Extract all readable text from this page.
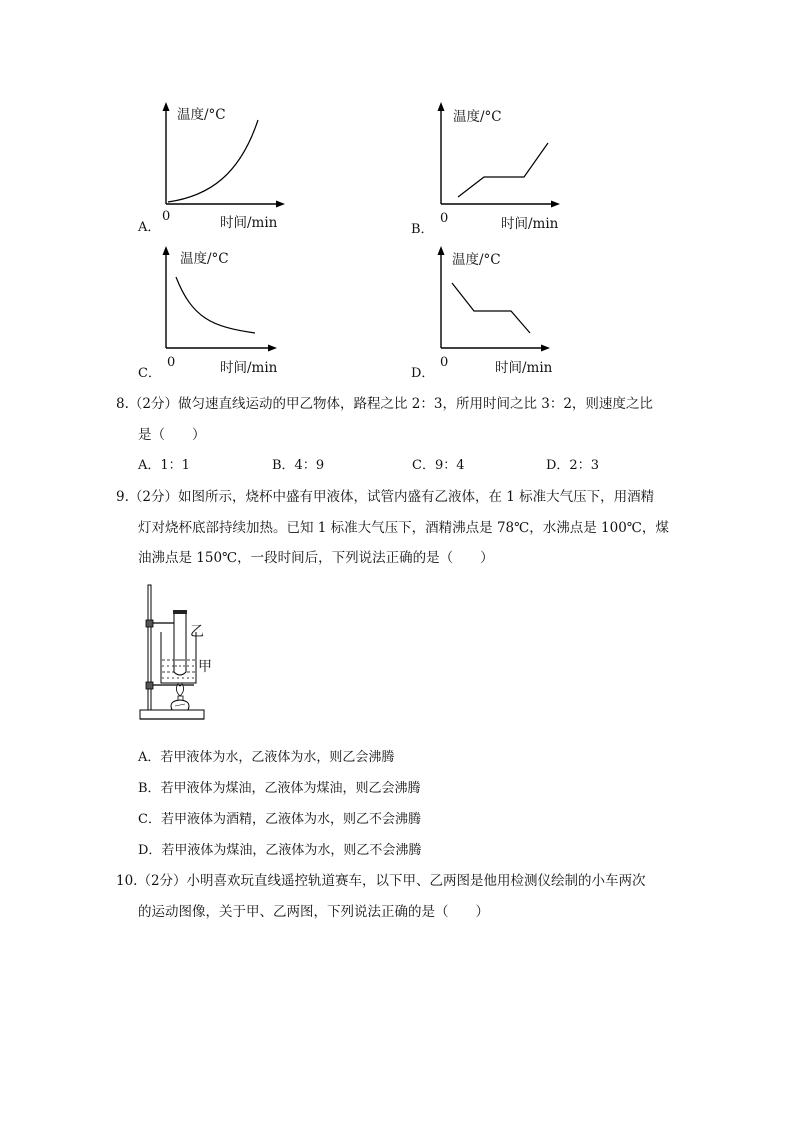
温度/°C
0	时间/min
A．
温度/°C
0	时间/min
B．
温度/°C
0	时间/min
C．
温度/°C
0	时间/min
D．
8.（2分）做匀速直线运动的甲乙物体，路程之比 2：3，所用时间之比 3：2，则速度之比
是（　　）
A．1：1	B．4：9	C．9：4	D．2：3
9.（2分）如图所示，烧杯中盛有甲液体，试管内盛有乙液体，在 1 标准大气压下，用酒精
灯对烧杯底部持续加热。已知 1 标准大气压下，酒精沸点是 78℃，水沸点是 100℃，煤
油沸点是 150℃，一段时间后，下列说法正确的是（　　）
乙
甲
A．若甲液体为水，乙液体为水，则乙会沸腾
B．若甲液体为煤油，乙液体为煤油，则乙会沸腾
C．若甲液体为酒精，乙液体为水，则乙不会沸腾
D．若甲液体为煤油，乙液体为水，则乙不会沸腾
10.（2分）小明喜欢玩直线遥控轨道赛车，以下甲、乙两图是他用检测仪绘制的小车两次
的运动图像，关于甲、乙两图，下列说法正确的是（　　）
